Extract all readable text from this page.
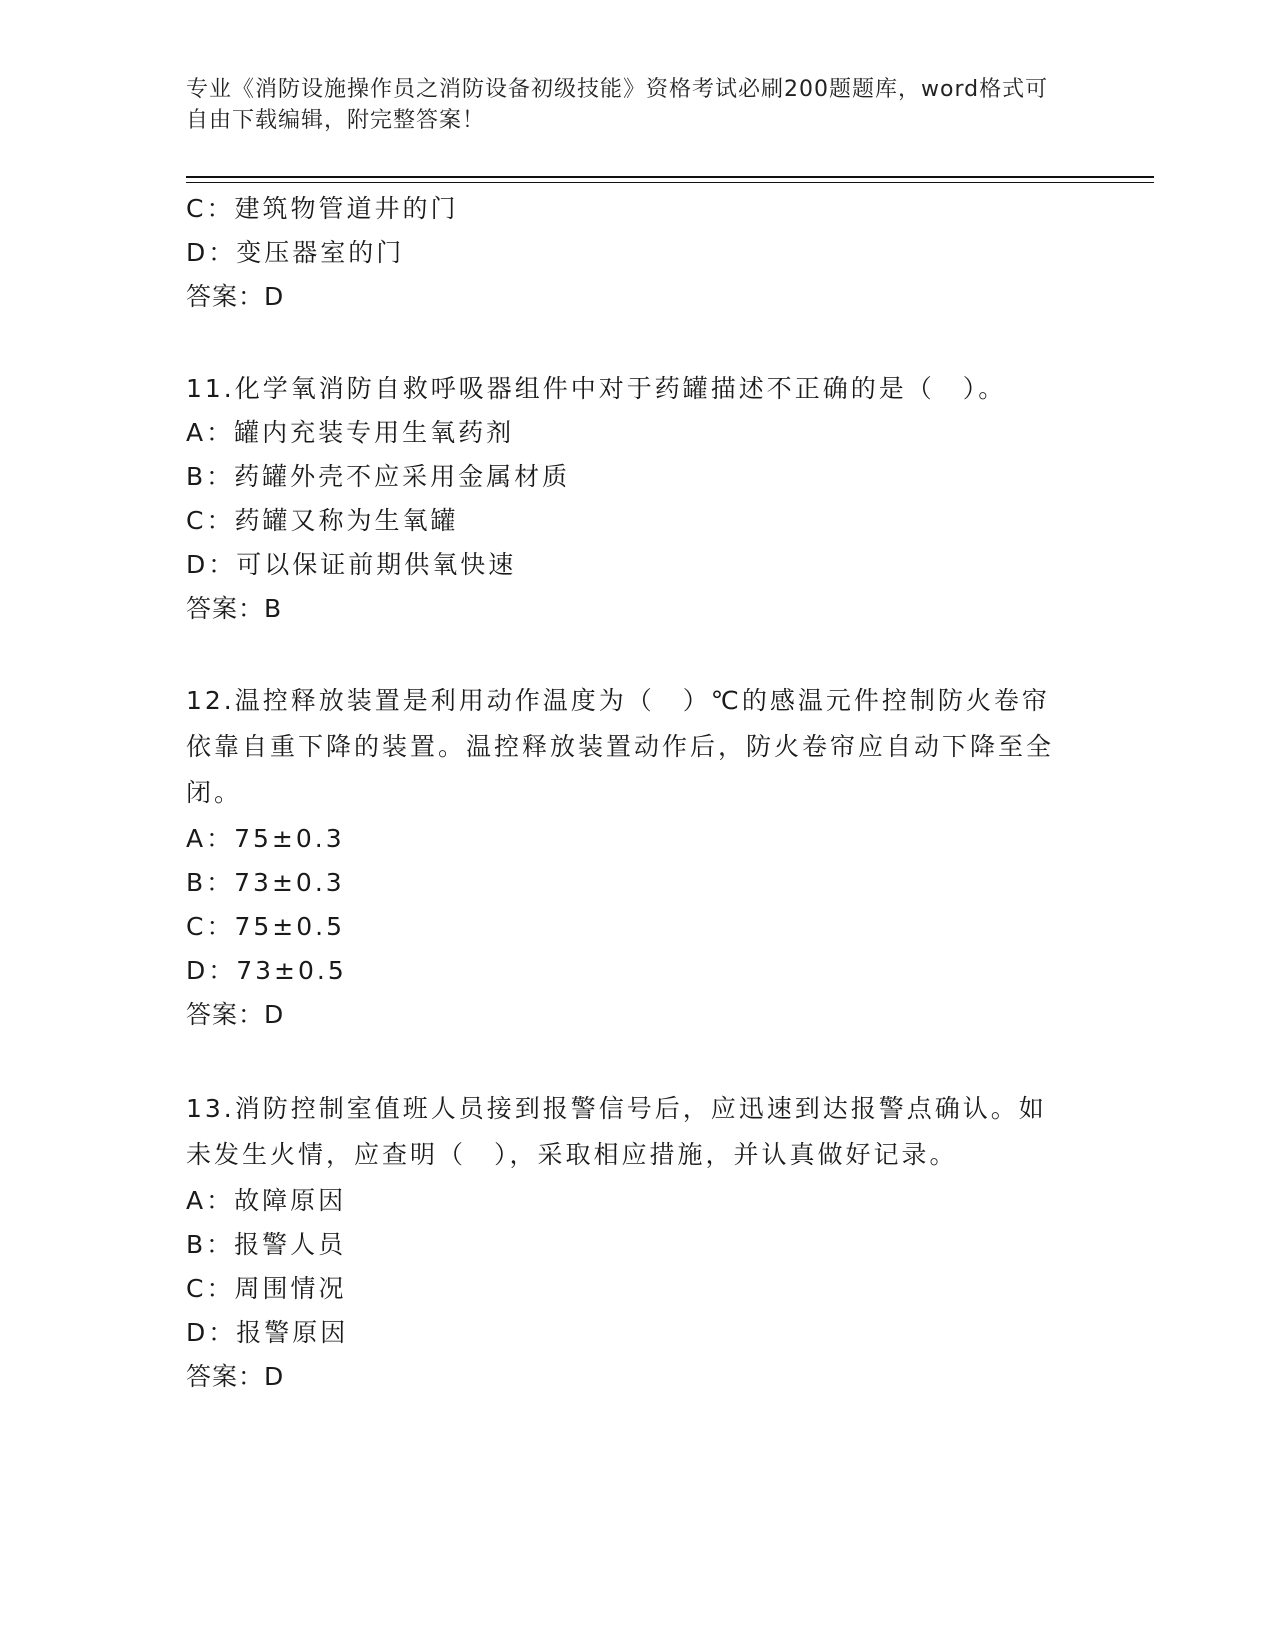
专业《消防设施操作员之消防设备初级技能》资格考试必刷200题题库，word格式可自由下载编辑，附完整答案！
C：建筑物管道井的门
D：变压器室的门
答案：D
11.化学氧消防自救呼吸器组件中对于药罐描述不正确的是（　）。
A：罐内充装专用生氧药剂
B：药罐外壳不应采用金属材质
C：药罐又称为生氧罐
D：可以保证前期供氧快速
答案：B
12.温控释放装置是利用动作温度为（　）℃的感温元件控制防火卷帘依靠自重下降的装置。温控释放装置动作后，防火卷帘应自动下降至全闭。
A：75±0.3
B：73±0.3
C：75±0.5
D：73±0.5
答案：D
13.消防控制室值班人员接到报警信号后，应迅速到达报警点确认。如未发生火情，应查明（　），采取相应措施，并认真做好记录。
A：故障原因
B：报警人员
C：周围情况
D：报警原因
答案：D
